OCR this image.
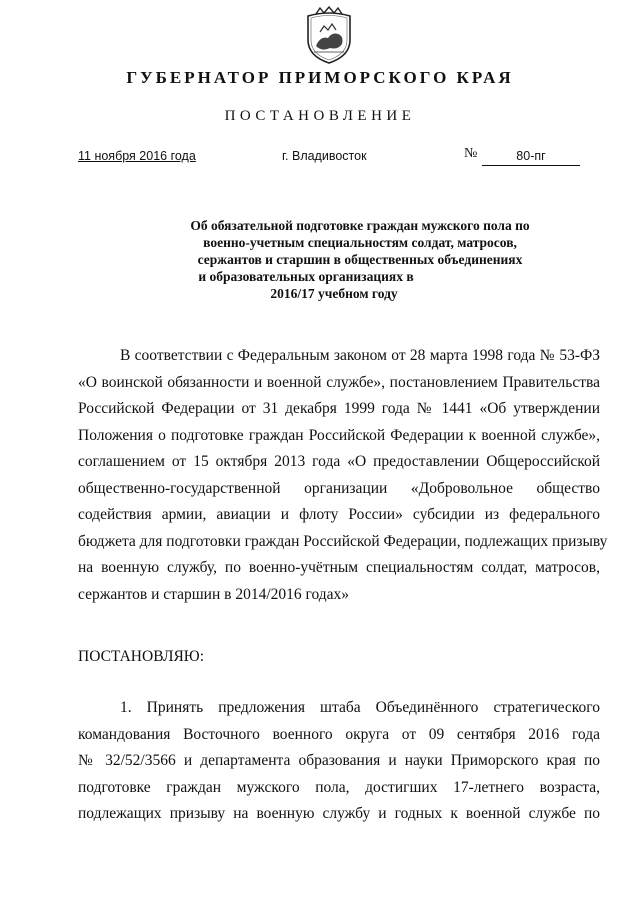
ГУБЕРНАТОР ПРИМОРСКОГО КРАЯ
ПОСТАНОВЛЕНИЕ
11 ноября 2016 года	г. Владивосток	№	80-пг
Об обязательной подготовке граждан мужского пола по
военно-учетным специальностям солдат, матросов,
сержантов и старшин в общественных объединениях
и образовательных организациях в
2016/17 учебном году
В соответствии с Федеральным законом от 28 марта 1998 года № 53-ФЗ
«О воинской обязанности и военной службе», постановлением Правительства
Российской Федерации от 31 декабря 1999 года № 1441 «Об утверждении
Положения о подготовке граждан Российской Федерации к военной службе»,
соглашением от 15 октября 2013 года «О предоставлении Общероссийской
общественно-государственной организации «Добровольное общество
содействия армии, авиации и флоту России» субсидии из федерального
бюджета для подготовки граждан Российской Федерации, подлежащих призыву
на военную службу, по военно-учётным специальностям солдат, матросов,
сержантов и старшин в 2014/2016 годах»
ПОСТАНОВЛЯЮ:
1. Принять предложения штаба Объединённого стратегического
командования Восточного военного округа от 09 сентября 2016 года
№ 32/52/3566 и департамента образования и науки Приморского края по
подготовке граждан мужского пола, достигших 17-летнего возраста,
подлежащих призыву на военную службу и годных к военной службе по
